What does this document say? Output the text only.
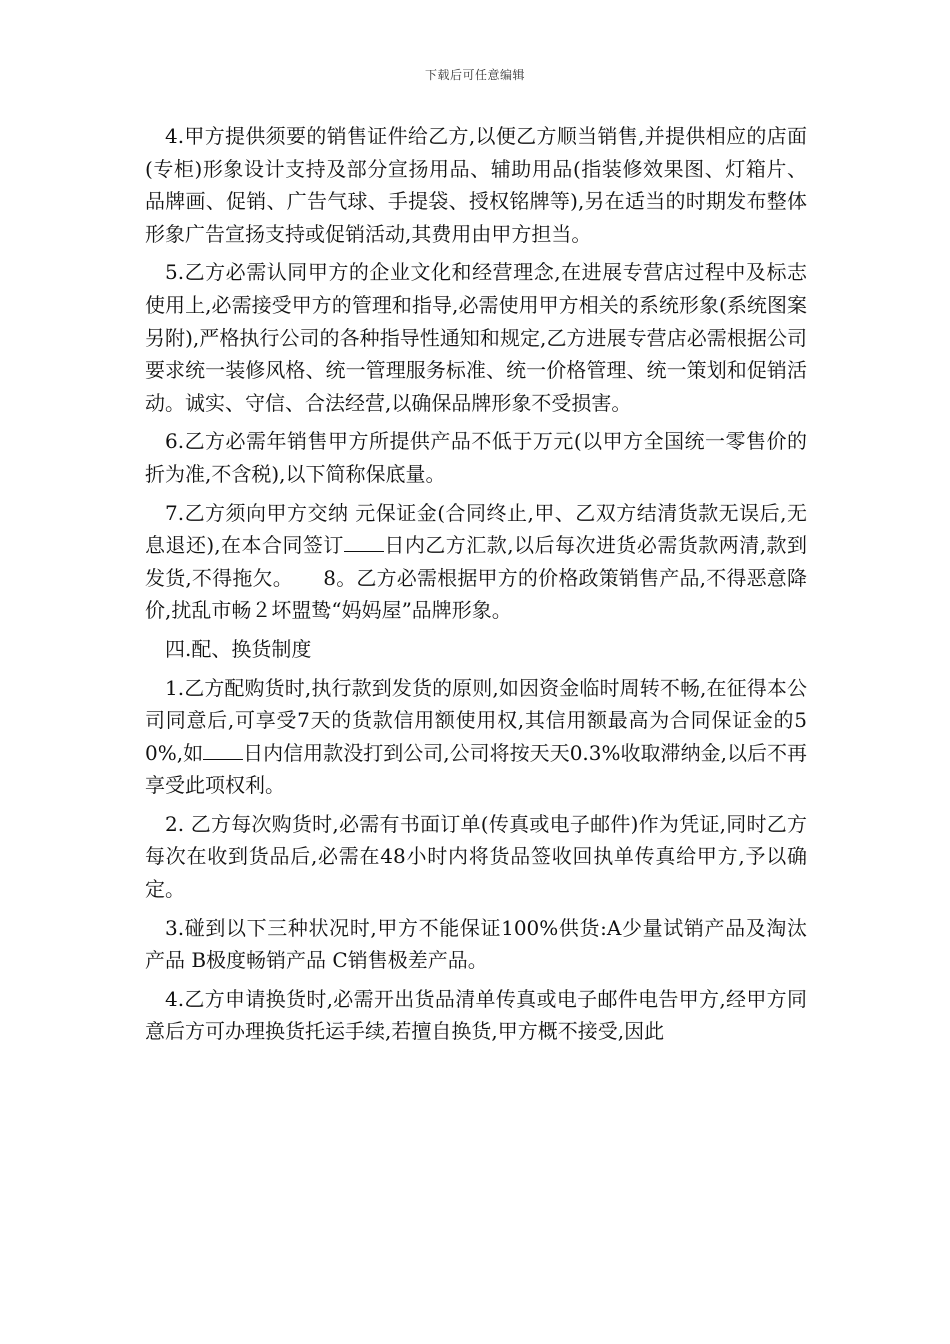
下载后可任意编辑

4.甲方提供须要的销售证件给乙方,以便乙方顺当销售,并提供相应的店面(专柜)形象设计支持及部分宣扬用品、辅助用品(指装修效果图、灯箱片、品牌画、促销、广告气球、手提袋、授权铭牌等),另在适当的时期发布整体形象广告宣扬支持或促销活动,其费用由甲方担当。

5.乙方必需认同甲方的企业文化和经营理念,在进展专营店过程中及标志使用上,必需接受甲方的管理和指导,必需使用甲方相关的系统形象(系统图案另附),严格执行公司的各种指导性通知和规定,乙方进展专营店必需根据公司要求统一装修风格、统一管理服务标准、统一价格管理、统一策划和促销活动。诚实、守信、合法经营,以确保品牌形象不受损害。

6.乙方必需年销售甲方所提供产品不低于万元(以甲方全国统一零售价的　　折为准,不含税),以下简称保底量。

7.乙方须向甲方交纳 元保证金(合同终止,甲、乙双方结清货款无误后,无息退还),在本合同签订 日内乙方汇款,以后每次进货必需货款两清,款到发货,不得拖欠。　　8。乙方必需根据甲方的价格政策销售产品,不得恶意降价,扰乱市畅２坏盟鸷“妈妈屋”品牌形象。

四.配、换货制度

1.乙方配购货时,执行款到发货的原则,如因资金临时周转不畅,在征得本公司同意后,可享受7天的货款信用额使用权,其信用额最高为合同保证金的50%,如 日内信用款没打到公司,公司将按天天0.3%收取滞纳金,以后不再享受此项权利。

2. 乙方每次购货时,必需有书面订单(传真或电子邮件)作为凭证,同时乙方每次在收到货品后,必需在48小时内将货品签收回执单传真给甲方,予以确定。

3.碰到以下三种状况时,甲方不能保证100%供货:A少量试销产品及淘汰产品 B极度畅销产品 C销售极差产品。

4.乙方申请换货时,必需开出货品清单传真或电子邮件电告甲方,经甲方同意后方可办理换货托运手续,若擅自换货,甲方概不接受,因此
